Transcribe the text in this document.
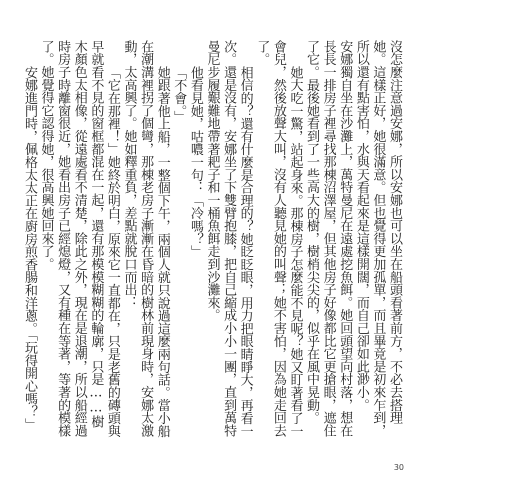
沒怎麼注意過安娜，所以安娜也可以坐在船頭看著前方，不必去搭理她。這樣正好，她很滿意。但也覺得更加孤單，而且畢竟是初來乍到，所以還有點害怕，水與天看起來是這樣開闊，而自己卻如此渺小。
安娜獨自坐在沙灘上，萬特曼尼在遠處挖魚餌。她回頭望向村落，想在長長一排房子裡尋找那棟沼澤屋，但其他房子好像都比它更搶眼，遮住了它。最後她看到了一些高大的樹，樹梢尖尖的，似乎在風中晃動。
她大吃一驚，站起身來。那棟房子怎麼能不見呢？她又盯著看了一會兒，然後放聲大叫，沒有人聽見她的叫聲；她不害怕，因為她走回去了。
相信的？還有什麼是合理的？她眨眨眼，用力把眼睛睜大，再看一次。還是沒有，安娜坐了下雙臂抱膝，把自己縮成小小一團，直到萬特曼尼步履艱難地帶著耙子和一桶魚餌走到沙灘來。
他看見她，咕噥一句：「冷嗎？」
「不會。」
她跟著他上船，一整個下午，兩個人就只說過這麼兩句話。當小船在潮溝裡拐了個彎，那棟老房子漸漸在昏暗的樹林前現身時，安娜太激動，太高興了。她如釋重負，差點就脫口而出：
「它在那裡！」她終於明白，原來它一直都在，只是老舊的磚頭與早就看不見的窗框都混在一起，還有那模模糊糊的輪廓，只是……樹木顏色太相像，從遠處看不清楚，除此之外，現在是退潮，所以船經過時房子時離窗很近，她看出房子已經熄燈，又有種在等著，等著的模樣了。她覺得它認得她，很高興她回來了。
安娜進門時，佩格太太正在廚房煎香腸和洋蔥。「玩得開心嗎？」
30
